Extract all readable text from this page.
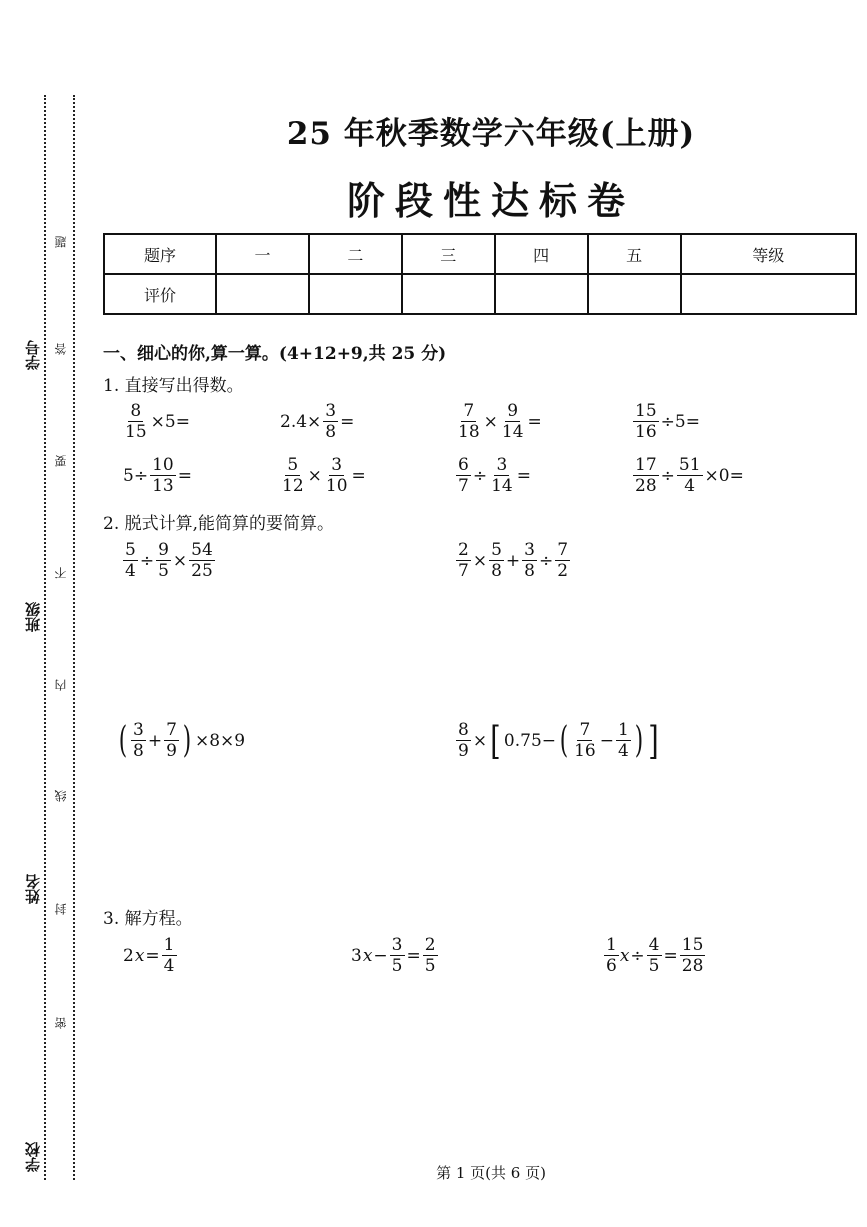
学校
姓名
班级
学号
题
答
要
不
内
线
封
密
25 年秋季数学六年级(上册)
阶段性达标卷
题序	一	二	三	四	五	等级
评价						
一、细心的你,算一算。(4+12+9,共 25 分)
1. 直接写出得数。
$\frac{8}{15} \times 5=$	$2.4\times \frac{3}{8}$ =	$\frac{7}{18} \times \frac{9}{14}$ =	$\frac{15}{16} \div 5=$
$5\div \frac{10}{13}$ =	$\frac{5}{12} \times \frac{3}{10}$ =	$\frac{6}{7} \div \frac{3}{14}$ =	$\frac{17}{28} \div \frac{51}{4} \times 0=$
2. 脱式计算,能简算的要简算。
$\frac{5}{4} \div \frac{9}{5} \times \frac{54}{25}$	$\frac{2}{7} \times \frac{5}{8} + \frac{3}{8} \div \frac{7}{2}$
( $\frac{3}{8} + \frac{7}{9}$ ) ×8×9	$\frac{8}{9}$ × [ 0.75− ( $\frac{7}{16} - \frac{1}{4}$ ) ]
3. 解方程。
2 $x = \frac{1}{4}$	3 $x - \frac{3}{5} = \frac{2}{5}$	$\frac{1}{6}$ $x \div \frac{4}{5} = \frac{15}{28}$
第 1 页(共 6 页)
